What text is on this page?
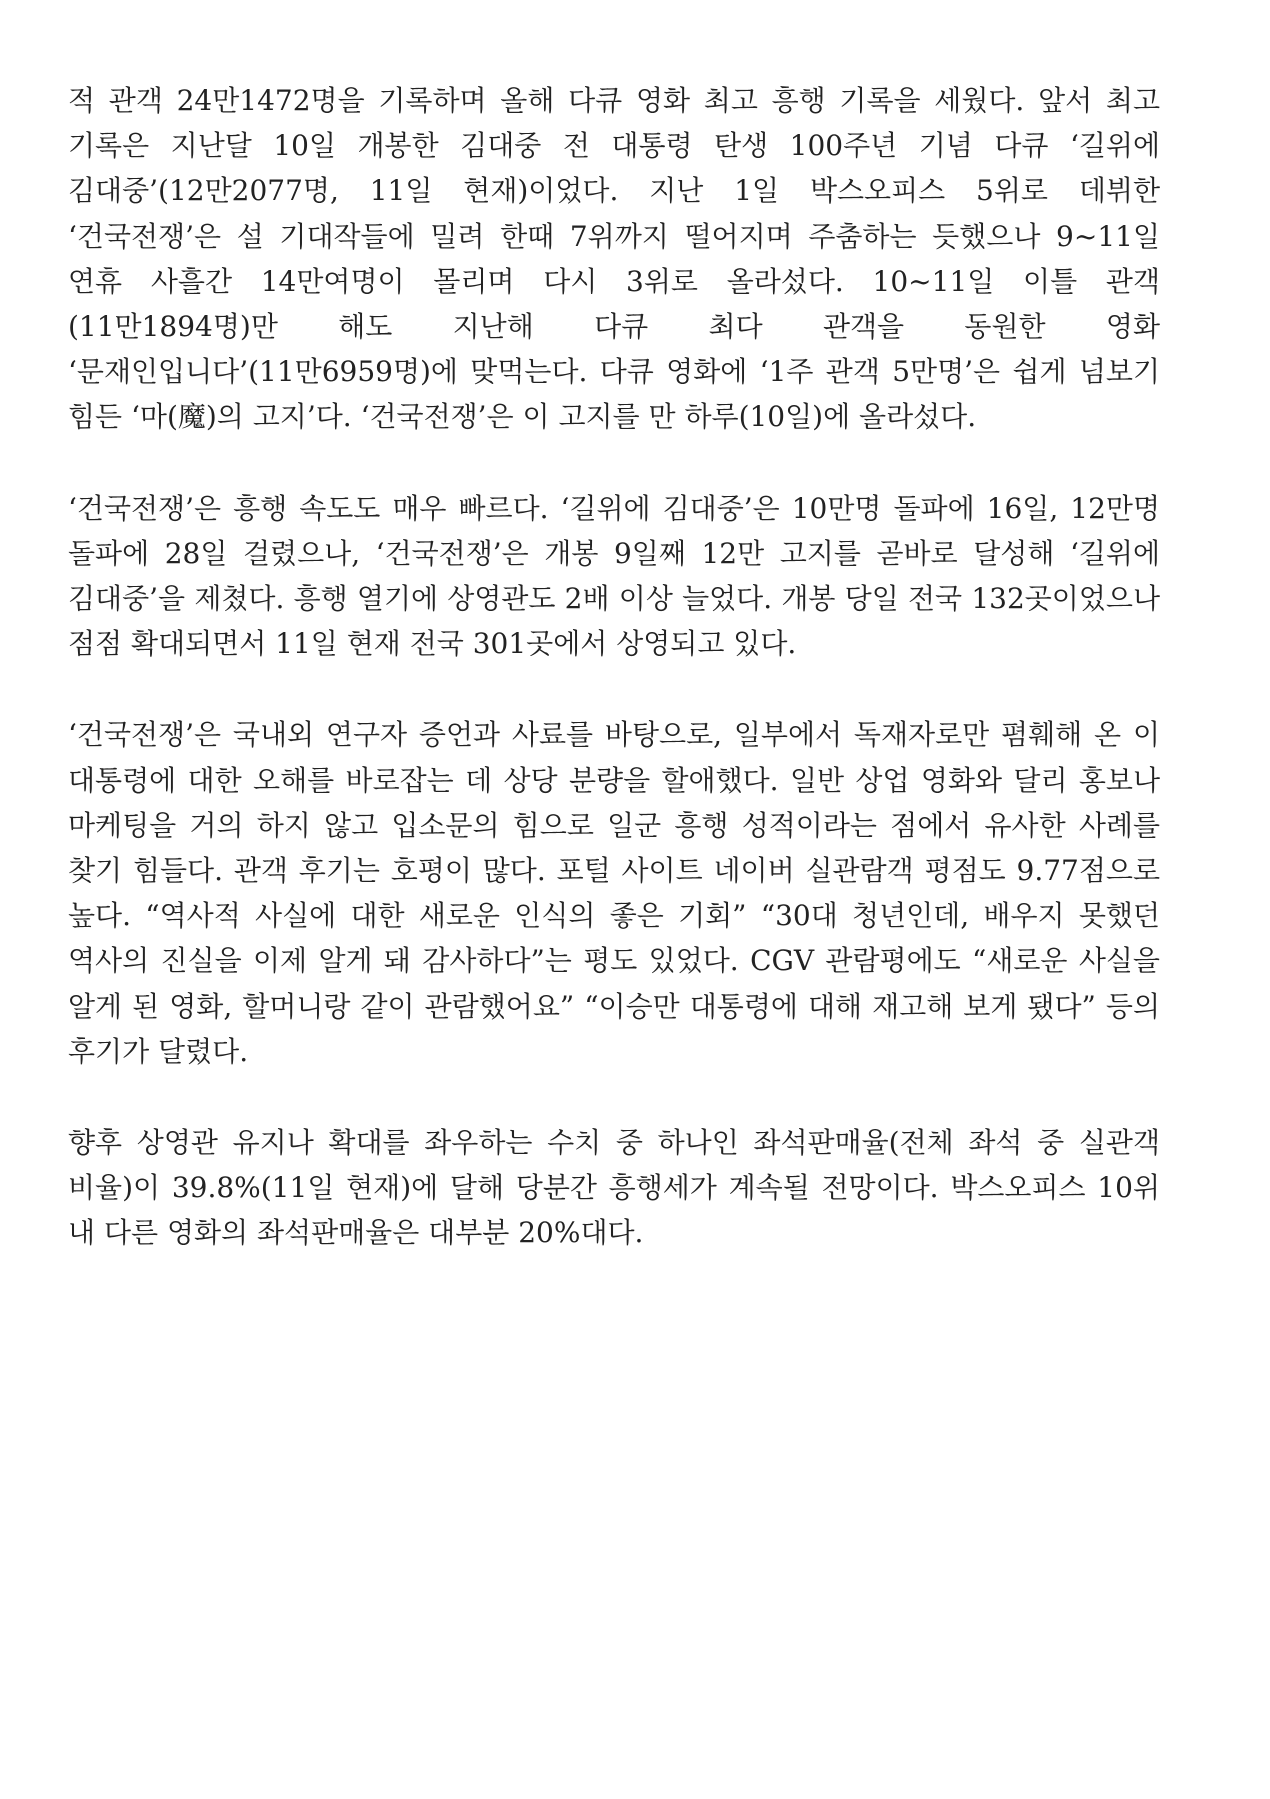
적 관객 24만1472명을 기록하며 올해 다큐 영화 최고 흥행 기록을 세웠다. 앞서 최고 기록은 지난달 10일 개봉한 김대중 전 대통령 탄생 100주년 기념 다큐 ‘길위에 김대중’(12만2077명, 11일 현재)이었다. 지난 1일 박스오피스 5위로 데뷔한 ‘건국전쟁’은 설 기대작들에 밀려 한때 7위까지 떨어지며 주춤하는 듯했으나 9~11일 연휴 사흘간 14만여명이 몰리며 다시 3위로 올라섰다. 10~11일 이틀 관객(11만1894명)만 해도 지난해 다큐 최다 관객을 동원한 영화 ‘문재인입니다’(11만6959명)에 맞먹는다. 다큐 영화에 ‘1주 관객 5만명’은 쉽게 넘보기 힘든 ‘마(魔)의 고지’다. ‘건국전쟁’은 이 고지를 만 하루(10일)에 올라섰다.

‘건국전쟁’은 흥행 속도도 매우 빠르다. ‘길위에 김대중’은 10만명 돌파에 16일, 12만명 돌파에 28일 걸렸으나, ‘건국전쟁’은 개봉 9일째 12만 고지를 곧바로 달성해 ‘길위에 김대중’을 제쳤다. 흥행 열기에 상영관도 2배 이상 늘었다. 개봉 당일 전국 132곳이었으나 점점 확대되면서 11일 현재 전국 301곳에서 상영되고 있다.

‘건국전쟁’은 국내외 연구자 증언과 사료를 바탕으로, 일부에서 독재자로만 폄훼해 온 이 대통령에 대한 오해를 바로잡는 데 상당 분량을 할애했다. 일반 상업 영화와 달리 홍보나 마케팅을 거의 하지 않고 입소문의 힘으로 일군 흥행 성적이라는 점에서 유사한 사례를 찾기 힘들다. 관객 후기는 호평이 많다. 포털 사이트 네이버 실관람객 평점도 9.77점으로 높다. “역사적 사실에 대한 새로운 인식의 좋은 기회” “30대 청년인데, 배우지 못했던 역사의 진실을 이제 알게 돼 감사하다”는 평도 있었다. CGV 관람평에도 “새로운 사실을 알게 된 영화, 할머니랑 같이 관람했어요” “이승만 대통령에 대해 재고해 보게 됐다” 등의 후기가 달렸다.

향후 상영관 유지나 확대를 좌우하는 수치 중 하나인 좌석판매율(전체 좌석 중 실관객 비율)이 39.8%(11일 현재)에 달해 당분간 흥행세가 계속될 전망이다. 박스오피스 10위 내 다른 영화의 좌석판매율은 대부분 20%대다.
